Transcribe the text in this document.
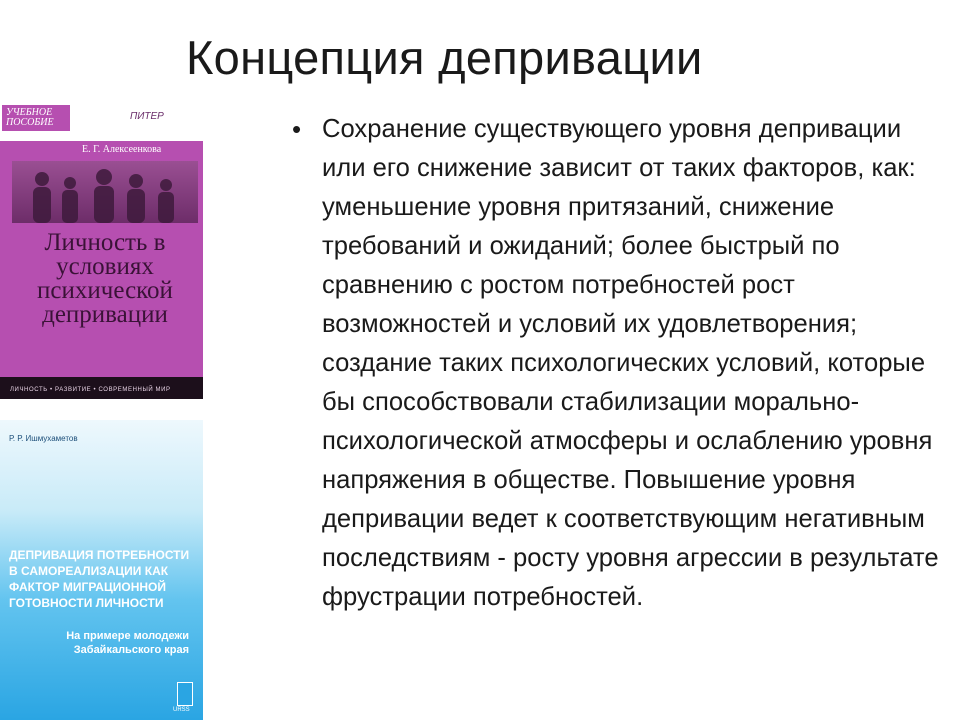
Концепция депривации
УЧЕБНОЕ ПОСОБИЕ
ПИТЕР
Е. Г. Алексеенкова
Личность в условиях психической депривации
ЛИЧНОСТЬ • РАЗВИТИЕ • СОВРЕМЕННЫЙ МИР
Р. Р. Ишмухаметов
ДЕПРИВАЦИЯ ПОТРЕБНОСТИ В САМОРЕАЛИЗАЦИИ КАК ФАКТОР МИГРАЦИОННОЙ ГОТОВНОСТИ ЛИЧНОСТИ
На примере молодежи Забайкальского края
URSS
• Сохранение существующего уровня депривации или его снижение зависит от таких факторов, как: уменьшение уровня притязаний, снижение требований и ожиданий; более быстрый по сравнению с ростом потребностей рост возможностей и условий их удовлетворения; создание таких психологических условий, которые бы способствовали стабилизации морально-психологической атмосферы и ослаблению уровня напряжения в обществе. Повышение уровня депривации ведет к соответствующим негативным последствиям - росту уровня агрессии в результате фрустрации потребностей.
